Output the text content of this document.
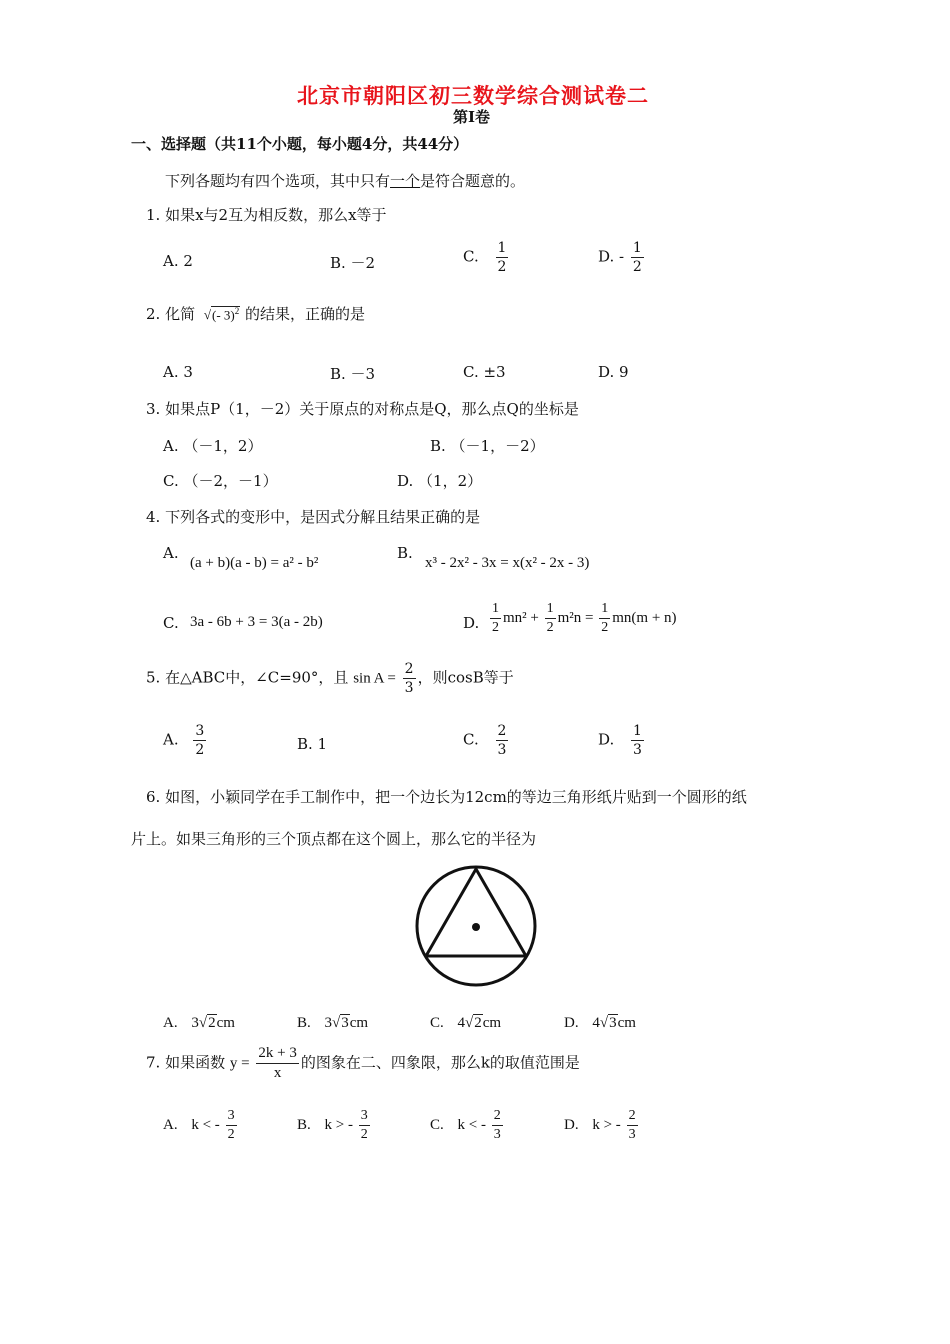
北京市朝阳区初三数学综合测试卷二
第Ⅰ卷
一、选择题（共11个小题，每小题4分，共44分）
下列各题均有四个选项，其中只有一个是符合题意的。
1. 如果x与2互为相反数，那么x等于
A. 2	B. －2	C. $\frac{1}{2}$	D. - $\frac{1}{2}$
2. 化简 √(- 3)$^2$ 的结果，正确的是
A. 3	B. －3	C. ±3	D. 9
3. 如果点P（1，－2）关于原点的对称点是Q，那么点Q的坐标是
A. （－1，2）	B. （－1，－2）
C. （－2，－1）	D. （1，2）
4. 下列各式的变形中，是因式分解且结果正确的是
A.
(a + b)(a - b) = a² - b²
B.
x³ - 2x² - 3x = x(x² - 2x - 3)
C. 3a - 6b + 3 = 3(a - 2b)	D. $\frac{1}{2} mn^2 + \frac{1}{2} m^2n = \frac{1}{2} mn(m + n)$
5. 在△ABC中，∠C=90°，且 $\sin A = \frac{2}{3}$ ，则cosB等于
A. $\frac{3}{2}$	B. 1	C. $\frac{2}{3}$	D. $\frac{1}{3}$
6. 如图，小颖同学在手工制作中，把一个边长为12cm的等边三角形纸片贴到一个圆形的纸
片上。如果三角形的三个顶点都在这个圆上，那么它的半径为
A. 3√2cm	B. 3√3cm	C. 4√2cm	D. 4√3cm
7. 如果函数 $y = \frac{2k + 3}{x}$ 的图象在二、四象限，那么k的取值范围是
A. k < - $\frac{3}{2}$	B. k > - $\frac{3}{2}$	C. k < - $\frac{2}{3}$	D. k > - $\frac{2}{3}$
